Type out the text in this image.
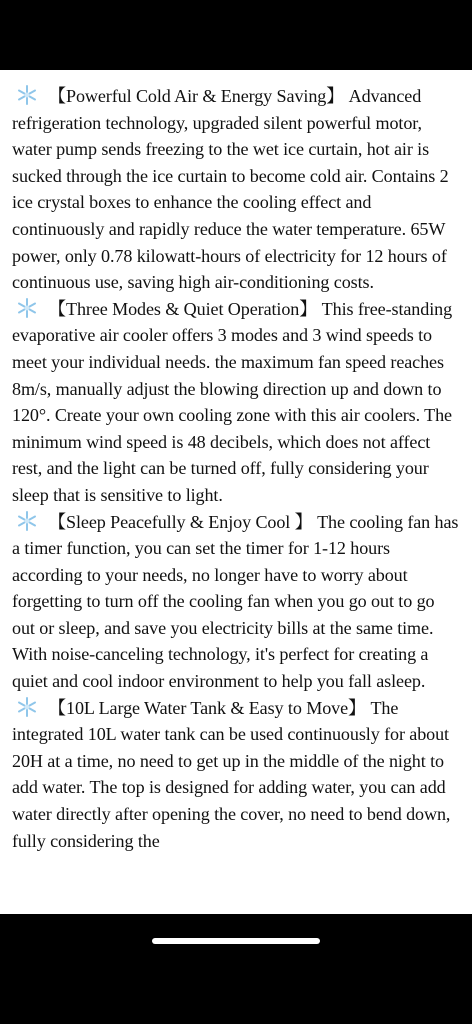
【Powerful Cold Air & Energy Saving】 Advanced refrigeration technology, upgraded silent powerful motor, water pump sends freezing to the wet ice curtain, hot air is sucked through the ice curtain to become cold air. Contains 2 ice crystal boxes to enhance the cooling effect and continuously and rapidly reduce the water temperature. 65W power, only 0.78 kilowatt-hours of electricity for 12 hours of continuous use, saving high air-conditioning costs.

【Three Modes & Quiet Operation】 This free-standing evaporative air cooler offers 3 modes and 3 wind speeds to meet your individual needs. the maximum fan speed reaches 8m/s, manually adjust the blowing direction up and down to 120°. Create your own cooling zone with this air coolers. The minimum wind speed is 48 decibels, which does not affect rest, and the light can be turned off, fully considering your sleep that is sensitive to light.

【Sleep Peacefully & Enjoy Cool 】 The cooling fan has a timer function, you can set the timer for 1-12 hours according to your needs, no longer have to worry about forgetting to turn off the cooling fan when you go out to go out or sleep, and save you electricity bills at the same time. With noise-canceling technology, it's perfect for creating a quiet and cool indoor environment to help you fall asleep.

【10L Large Water Tank & Easy to Move】 The integrated 10L water tank can be used continuously for about 20H at a time, no need to get up in the middle of the night to add water. The top is designed for adding water, you can add water directly after opening the cover, no need to bend down, fully considering the
